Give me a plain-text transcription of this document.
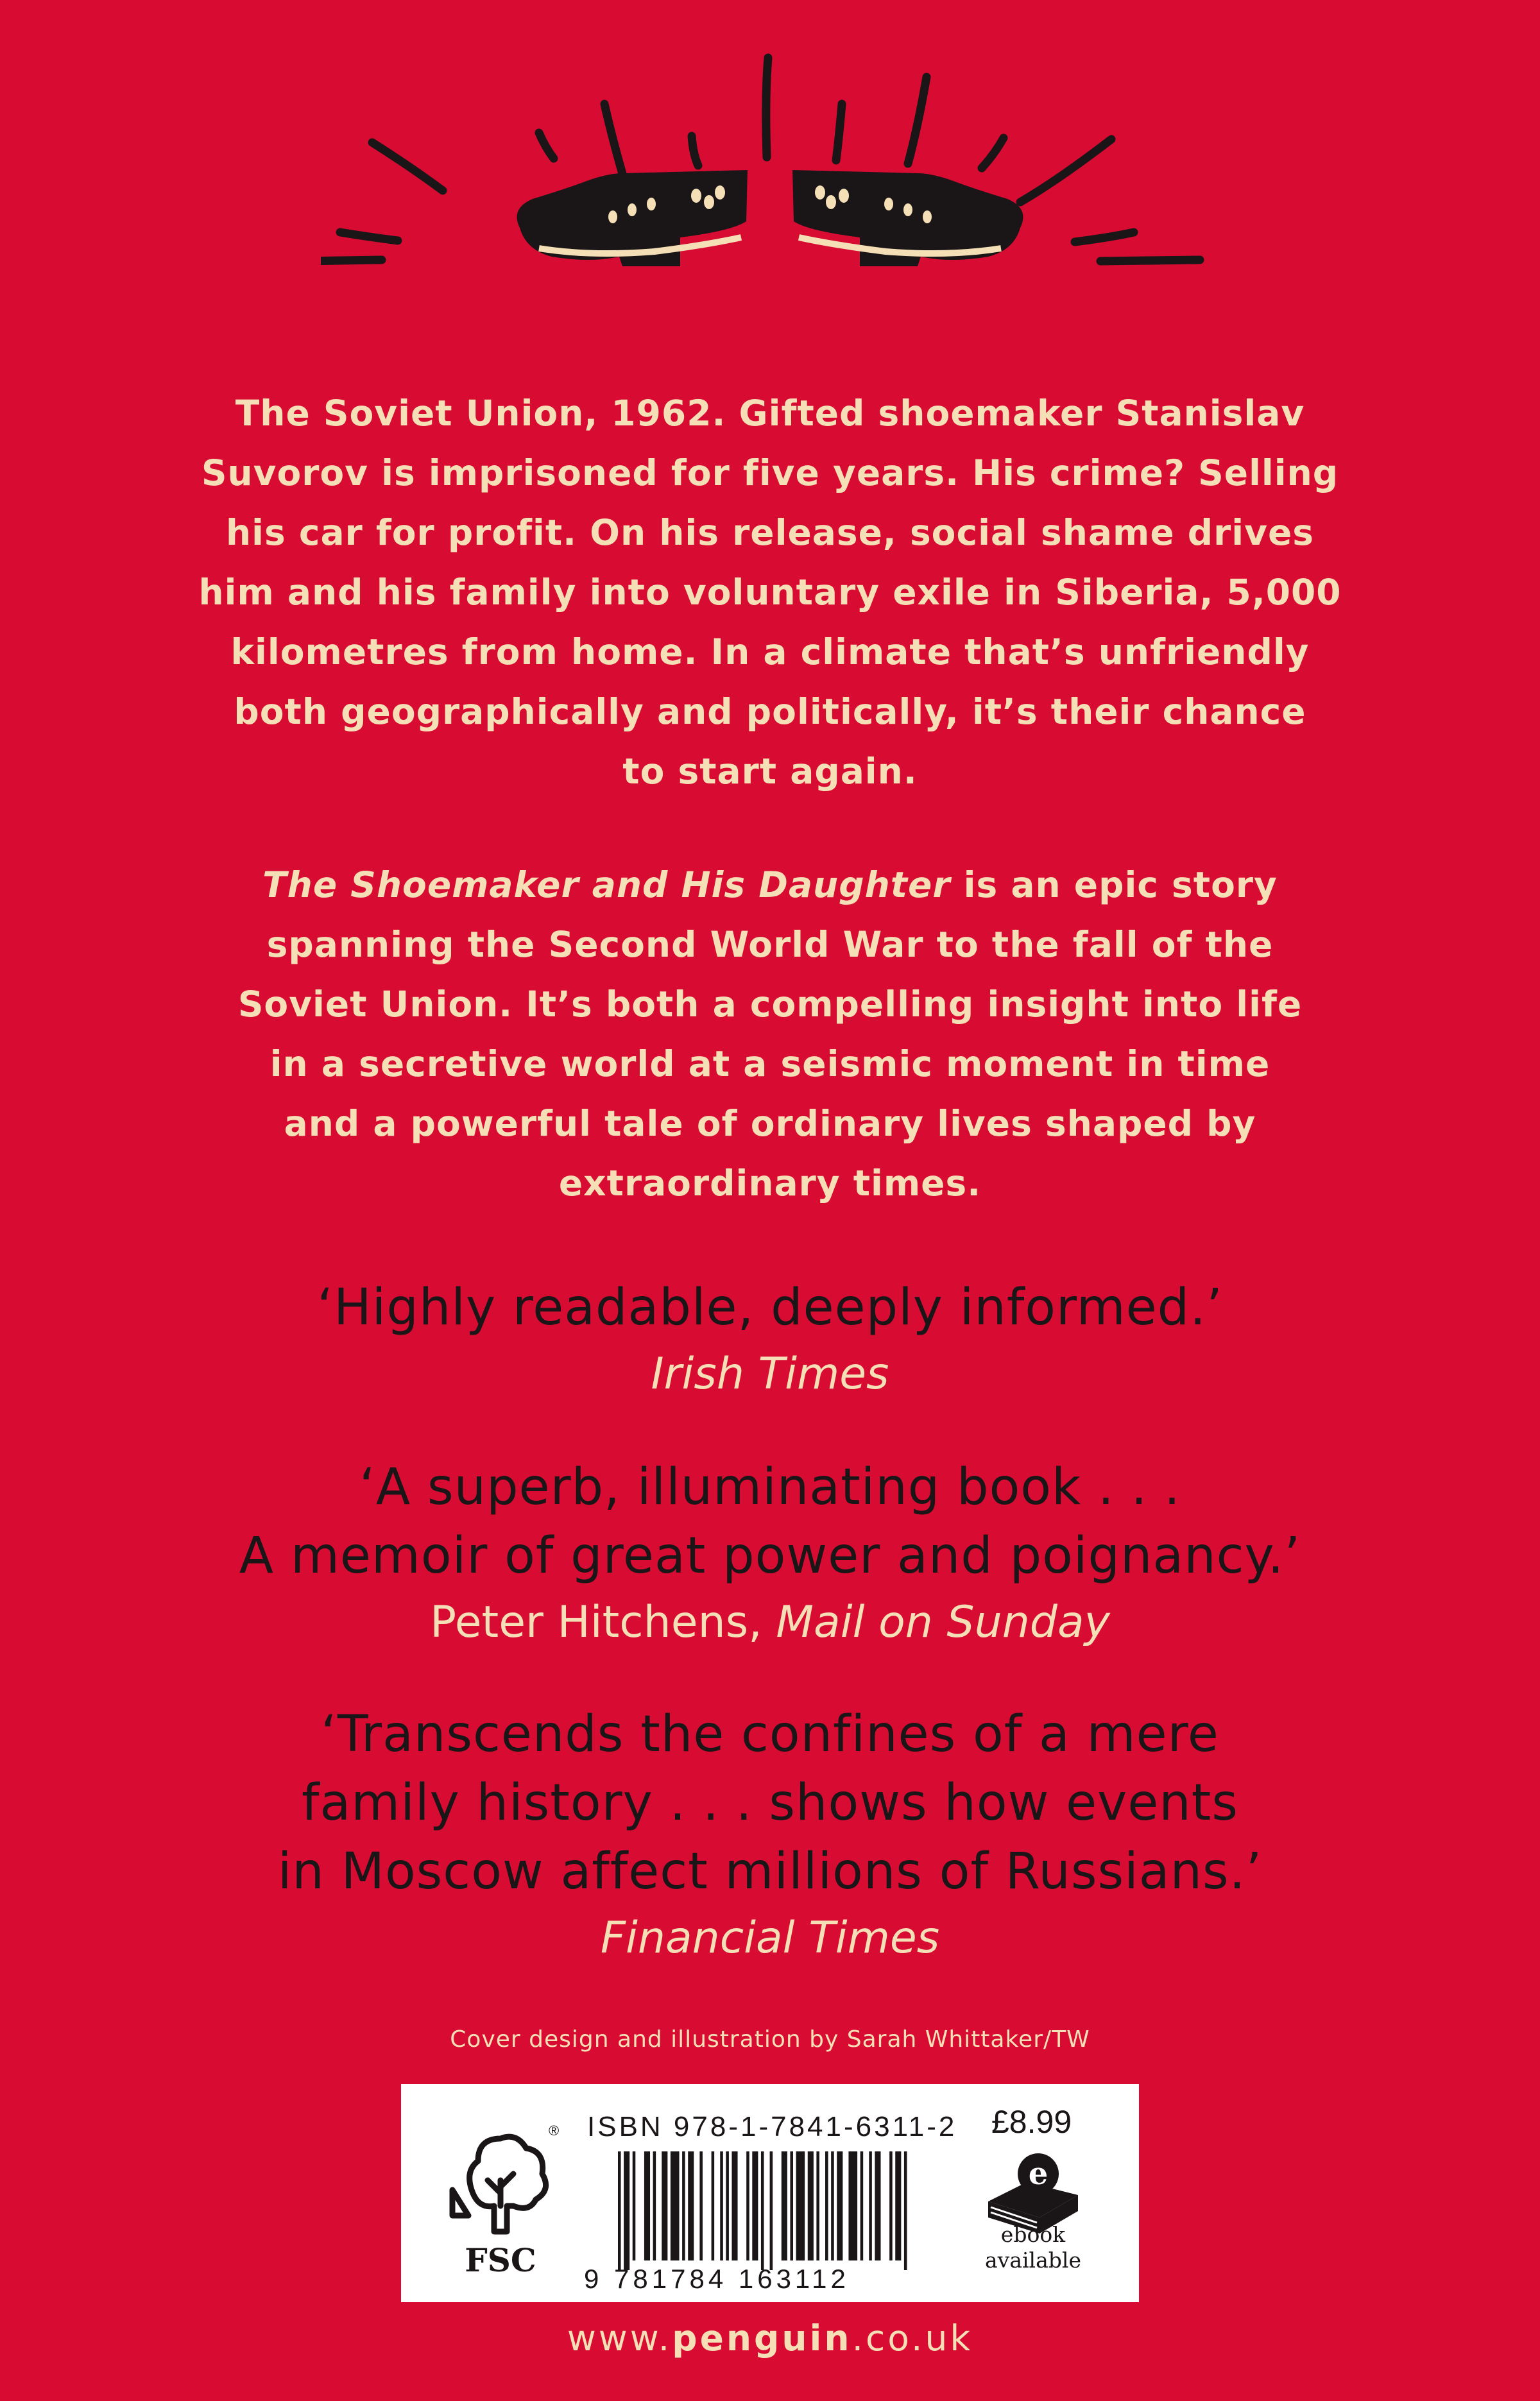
The Soviet Union, 1962. Gifted shoemaker Stanislav
Suvorov is imprisoned for five years. His crime? Selling
his car for profit. On his release, social shame drives
him and his family into voluntary exile in Siberia, 5,000
kilometres from home. In a climate that’s unfriendly
both geographically and politically, it’s their chance
to start again.

The Shoemaker and His Daughter is an epic story
spanning the Second World War to the fall of the
Soviet Union. It’s both a compelling insight into life
in a secretive world at a seismic moment in time
and a powerful tale of ordinary lives shaped by
extraordinary times.

‘Highly readable, deeply informed.’
Irish Times
‘A superb, illuminating book . . .
A memoir of great power and poignancy.’
Peter Hitchens, Mail on Sunday
‘Transcends the confines of a mere
family history . . . shows how events
in Moscow affect millions of Russians.’
Financial Times

Cover design and illustration by Sarah Whittaker/TW

®
FSC
ISBN 978-1-7841-6311-2
9 781784 163112
£8.99
e
ebook
available

www.penguin.co.uk
